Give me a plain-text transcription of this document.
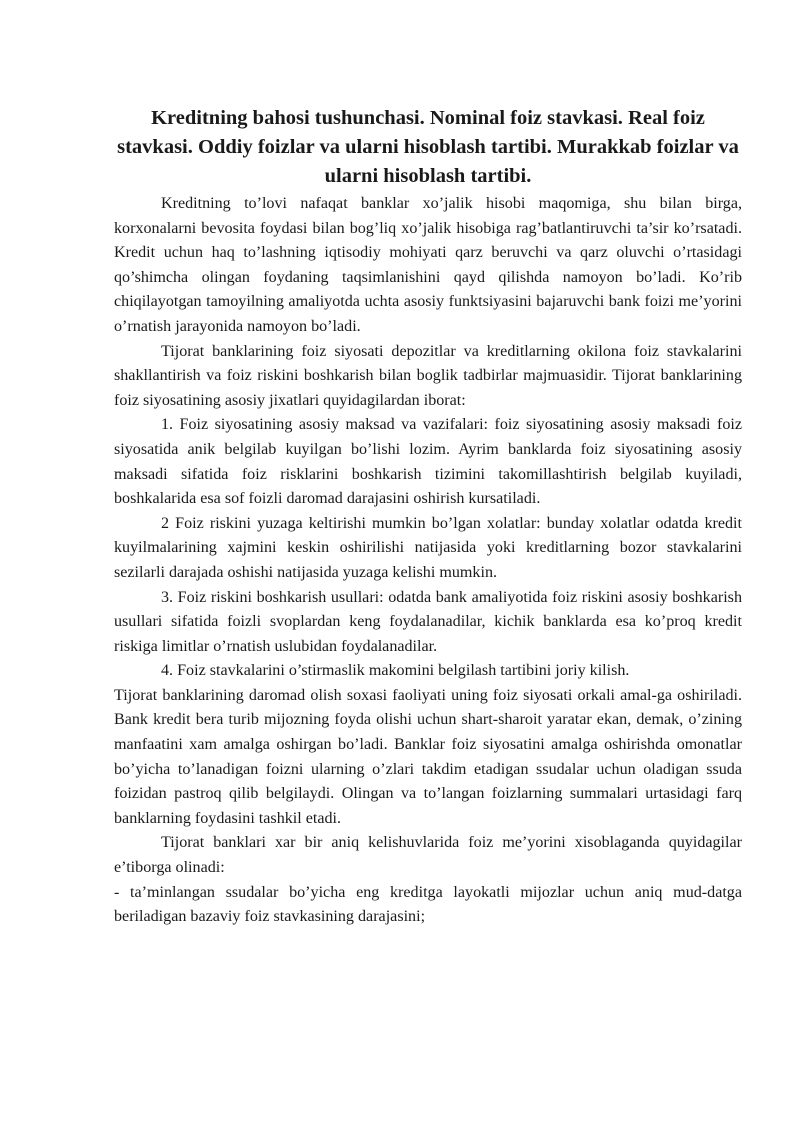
Kreditning bahosi tushunchasi. Nominal foiz stavkasi. Real foiz stavkasi. Oddiy foizlar va ularni hisoblash tartibi. Murakkab foizlar va ularni hisoblash tartibi.

Kreditning to’lovi nafaqat banklar xo’jalik hisobi maqomiga, shu bilan birga, korxonalarni bevosita foydasi bilan bog’liq xo’jalik hisobiga rag’batlantiruvchi ta’sir ko’rsatadi. Kredit uchun haq to’lashning iqtisodiy mohiyati qarz beruvchi va qarz oluvchi o’rtasidagi qo’shimcha olingan foydaning taqsimlanishini qayd qilishda namoyon bo’ladi. Ko’rib chiqilayotgan tamoyilning amaliyotda uchta asosiy funktsiyasini bajaruvchi bank foizi me’yorini o’rnatish jarayonida namoyon bo’ladi.

Tijorat banklarining foiz siyosati depozitlar va kreditlarning okilona foiz stavkalarini shakllantirish va foiz riskini boshkarish bilan boglik tadbirlar majmuasidir. Tijorat banklarining foiz siyosatining asosiy jixatlari quyidagilardan iborat:

1. Foiz siyosatining asosiy maksad va vazifalari: foiz siyosatining asosiy maksadi foiz siyosatida anik belgilab kuyilgan bo’lishi lozim. Ayrim banklarda foiz siyosatining asosiy maksadi sifatida foiz risklarini boshkarish tizimini takomillashtirish belgilab kuyiladi, boshkalarida esa sof foizli daromad darajasini oshirish kursatiladi.

2 Foiz riskini yuzaga keltirishi mumkin bo’lgan xolatlar: bunday xolatlar odatda kredit kuyilmalarining xajmini keskin oshirilishi natijasida yoki kreditlarning bozor stavkalarini sezilarli darajada oshishi natijasida yuzaga kelishi mumkin.

3. Foiz riskini boshkarish usullari: odatda bank amaliyotida foiz riskini asosiy boshkarish usullari sifatida foizli svoplardan keng foydalanadilar, kichik banklarda esa ko’proq kredit riskiga limitlar o’rnatish uslubidan foydalanadilar.

4. Foiz stavkalarini o’stirmaslik makomini belgilash tartibini joriy kilish.

Tijorat banklarining daromad olish soxasi faoliyati uning foiz siyosati orkali amal-ga oshiriladi. Bank kredit bera turib mijozning foyda olishi uchun shart-sharoit yaratar ekan, demak, o’zining manfaatini xam amalga oshirgan bo’ladi. Banklar foiz siyosatini amalga oshirishda omonatlar bo’yicha to’lanadigan foizni ularning o’zlari takdim etadigan ssudalar uchun oladigan ssuda foizidan pastroq qilib belgilaydi. Olingan va to’langan foizlarning summalari urtasidagi farq banklarning foydasini tashkil etadi.

Tijorat banklari xar bir aniq kelishuvlarida foiz me’yorini xisoblaganda quyidagilar e’tiborga olinadi:

- ta’minlangan ssudalar bo’yicha eng kreditga layokatli mijozlar uchun aniq mud-datga beriladigan bazaviy foiz stavkasining darajasini;
